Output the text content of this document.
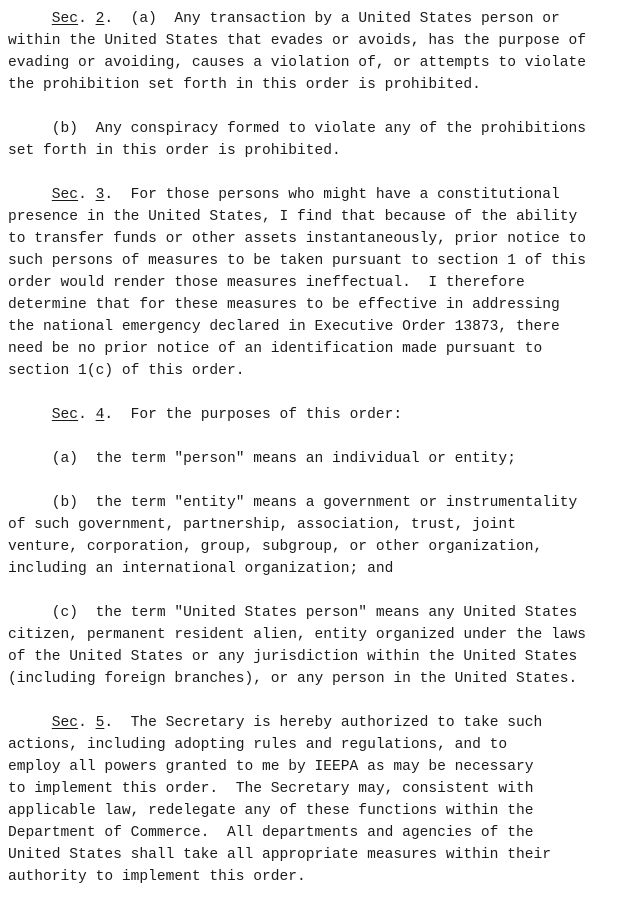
Sec. 2.  (a)  Any transaction by a United States person or
within the United States that evades or avoids, has the purpose of
evading or avoiding, causes a violation of, or attempts to violate
the prohibition set forth in this order is prohibited.
(b)  Any conspiracy formed to violate any of the prohibitions
set forth in this order is prohibited.
Sec. 3.  For those persons who might have a constitutional
presence in the United States, I find that because of the ability
to transfer funds or other assets instantaneously, prior notice to
such persons of measures to be taken pursuant to section 1 of this
order would render those measures ineffectual.  I therefore
determine that for these measures to be effective in addressing
the national emergency declared in Executive Order 13873, there
need be no prior notice of an identification made pursuant to
section 1(c) of this order.
Sec. 4.  For the purposes of this order:
(a)  the term "person" means an individual or entity;
(b)  the term "entity" means a government or instrumentality
of such government, partnership, association, trust, joint
venture, corporation, group, subgroup, or other organization,
including an international organization; and
(c)  the term "United States person" means any United States
citizen, permanent resident alien, entity organized under the laws
of the United States or any jurisdiction within the United States
(including foreign branches), or any person in the United States.
Sec. 5.  The Secretary is hereby authorized to take such
actions, including adopting rules and regulations, and to
employ all powers granted to me by IEEPA as may be necessary
to implement this order.  The Secretary may, consistent with
applicable law, redelegate any of these functions within the
Department of Commerce.  All departments and agencies of the
United States shall take all appropriate measures within their
authority to implement this order.
